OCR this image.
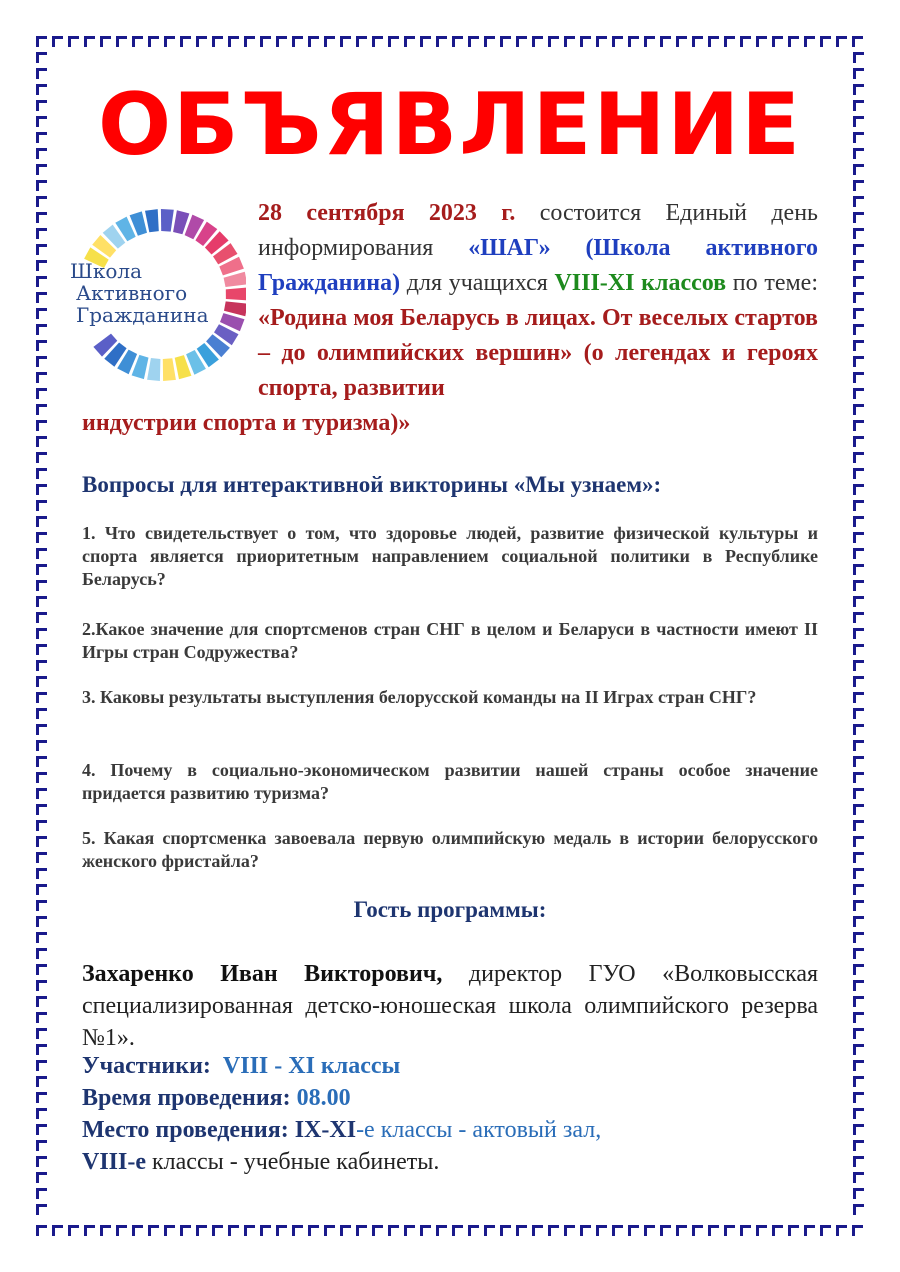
ОБЪЯВЛЕНИЕ
Школа
Активного
Гражданина
28 сентября 2023 г. состоится Единый день информирования «ШАГ» (Школа активного Гражданина) для учащихся VIII-XI классов по теме: «Родина моя Беларусь в лицах. От веселых стартов – до олимпийских вершин» (о легендах и героях спорта, развитии
индустрии спорта и туризма)»
Вопросы для интерактивной викторины «Мы узнаем»:
1. Что свидетельствует о том, что здоровье людей, развитие физической культуры и спорта является приоритетным направлением социальной политики в Республике Беларусь?
2.Какое значение для спортсменов стран СНГ в целом и Беларуси в частности имеют II Игры стран Содружества?
3. Каковы результаты выступления белорусской команды на II Играх стран СНГ?
4. Почему в социально-экономическом развитии нашей страны особое значение придается развитию туризма?
5. Какая спортсменка завоевала первую олимпийскую медаль в истории белорусского женского фристайла?
Гость программы:
Захаренко Иван Викторович, директор ГУО «Волковысская специализированная детско-юношеская школа олимпийского резерва №1».
Участники: VIII - XI классы
Время проведения: 08.00
Место проведения: IX-XI-е классы - актовый зал,
VIII-е классы - учебные кабинеты.
